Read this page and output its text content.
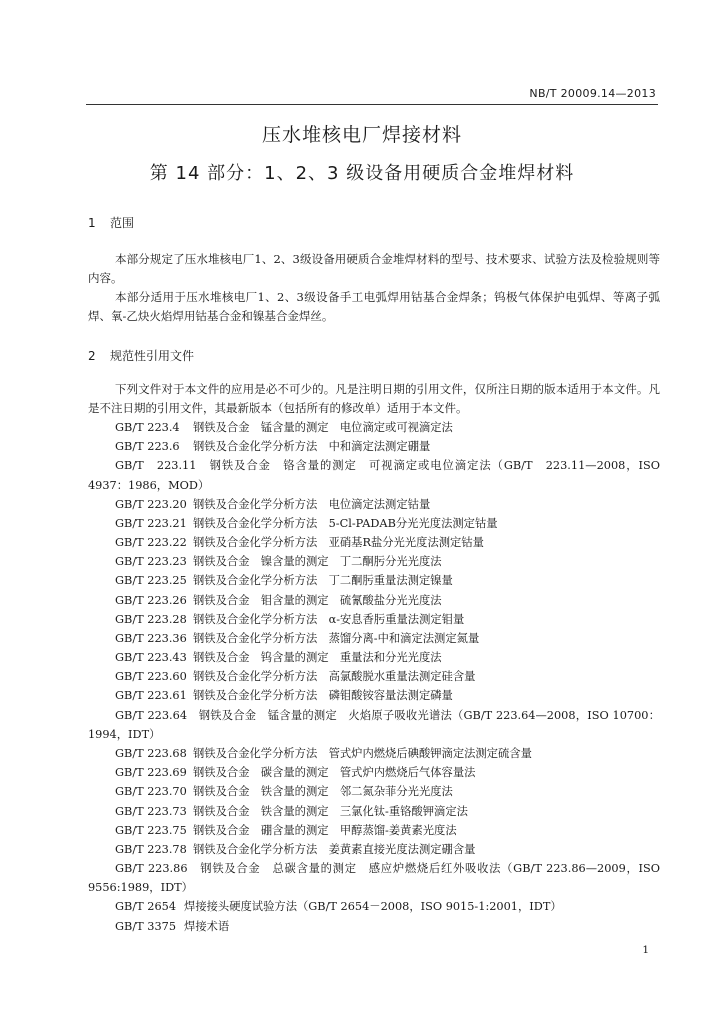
NB/T 20009.14—2013
压水堆核电厂焊接材料
第 14 部分：1、2、3 级设备用硬质合金堆焊材料
1 范围
本部分规定了压水堆核电厂1、2、3级设备用硬质合金堆焊材料的型号、技术要求、试验方法及检验规则等内容。
本部分适用于压水堆核电厂1、2、3级设备手工电弧焊用钴基合金焊条；钨极气体保护电弧焊、等离子弧焊、氧-乙炔火焰焊用钴基合金和镍基合金焊丝。
2 规范性引用文件
下列文件对于本文件的应用是必不可少的。凡是注明日期的引用文件，仅所注日期的版本适用于本文件。凡是不注日期的引用文件，其最新版本（包括所有的修改单）适用于本文件。
GB/T 223.4 钢铁及合金　锰含量的测定　电位滴定或可视滴定法
GB/T 223.6 钢铁及合金化学分析方法　中和滴定法测定硼量
GB/T　223.11　钢铁及合金　铬含量的测定　可视滴定或电位滴定法（GB/T　223.11—2008，ISO 4937：1986，MOD）
GB/T 223.20 钢铁及合金化学分析方法　电位滴定法测定钴量
GB/T 223.21 钢铁及合金化学分析方法　5-Cl-PADAB分光光度法测定钴量
GB/T 223.22 钢铁及合金化学分析方法　亚硝基R盐分光光度法测定钴量
GB/T 223.23 钢铁及合金　镍含量的测定　丁二酮肟分光光度法
GB/T 223.25 钢铁及合金化学分析方法　丁二酮肟重量法测定镍量
GB/T 223.26 钢铁及合金　钼含量的测定　硫氰酸盐分光光度法
GB/T 223.28 钢铁及合金化学分析方法　α-安息香肟重量法测定钼量
GB/T 223.36 钢铁及合金化学分析方法　蒸馏分离-中和滴定法测定氮量
GB/T 223.43 钢铁及合金　钨含量的测定　重量法和分光光度法
GB/T 223.60 钢铁及合金化学分析方法　高氯酸脱水重量法测定硅含量
GB/T 223.61 钢铁及合金化学分析方法　磷钼酸铵容量法测定磷量
GB/T 223.64　钢铁及合金　锰含量的测定　火焰原子吸收光谱法（GB/T 223.64—2008，ISO 10700：1994，IDT）
GB/T 223.68 钢铁及合金化学分析方法　管式炉内燃烧后碘酸钾滴定法测定硫含量
GB/T 223.69 钢铁及合金　碳含量的测定　管式炉内燃烧后气体容量法
GB/T 223.70 钢铁及合金　铁含量的测定　邻二氮杂菲分光光度法
GB/T 223.73 钢铁及合金　铁含量的测定　三氯化钛-重铬酸钾滴定法
GB/T 223.75 钢铁及合金　硼含量的测定　甲醇蒸馏-姜黄素光度法
GB/T 223.78 钢铁及合金化学分析方法　姜黄素直接光度法测定硼含量
GB/T 223.86　钢铁及合金　总碳含量的测定　感应炉燃烧后红外吸收法（GB/T 223.86—2009，ISO 9556:1989，IDT）
GB/T 2654 焊接接头硬度试验方法（GB/T 2654－2008，ISO 9015-1:2001，IDT）
GB/T 3375 焊接术语
1
